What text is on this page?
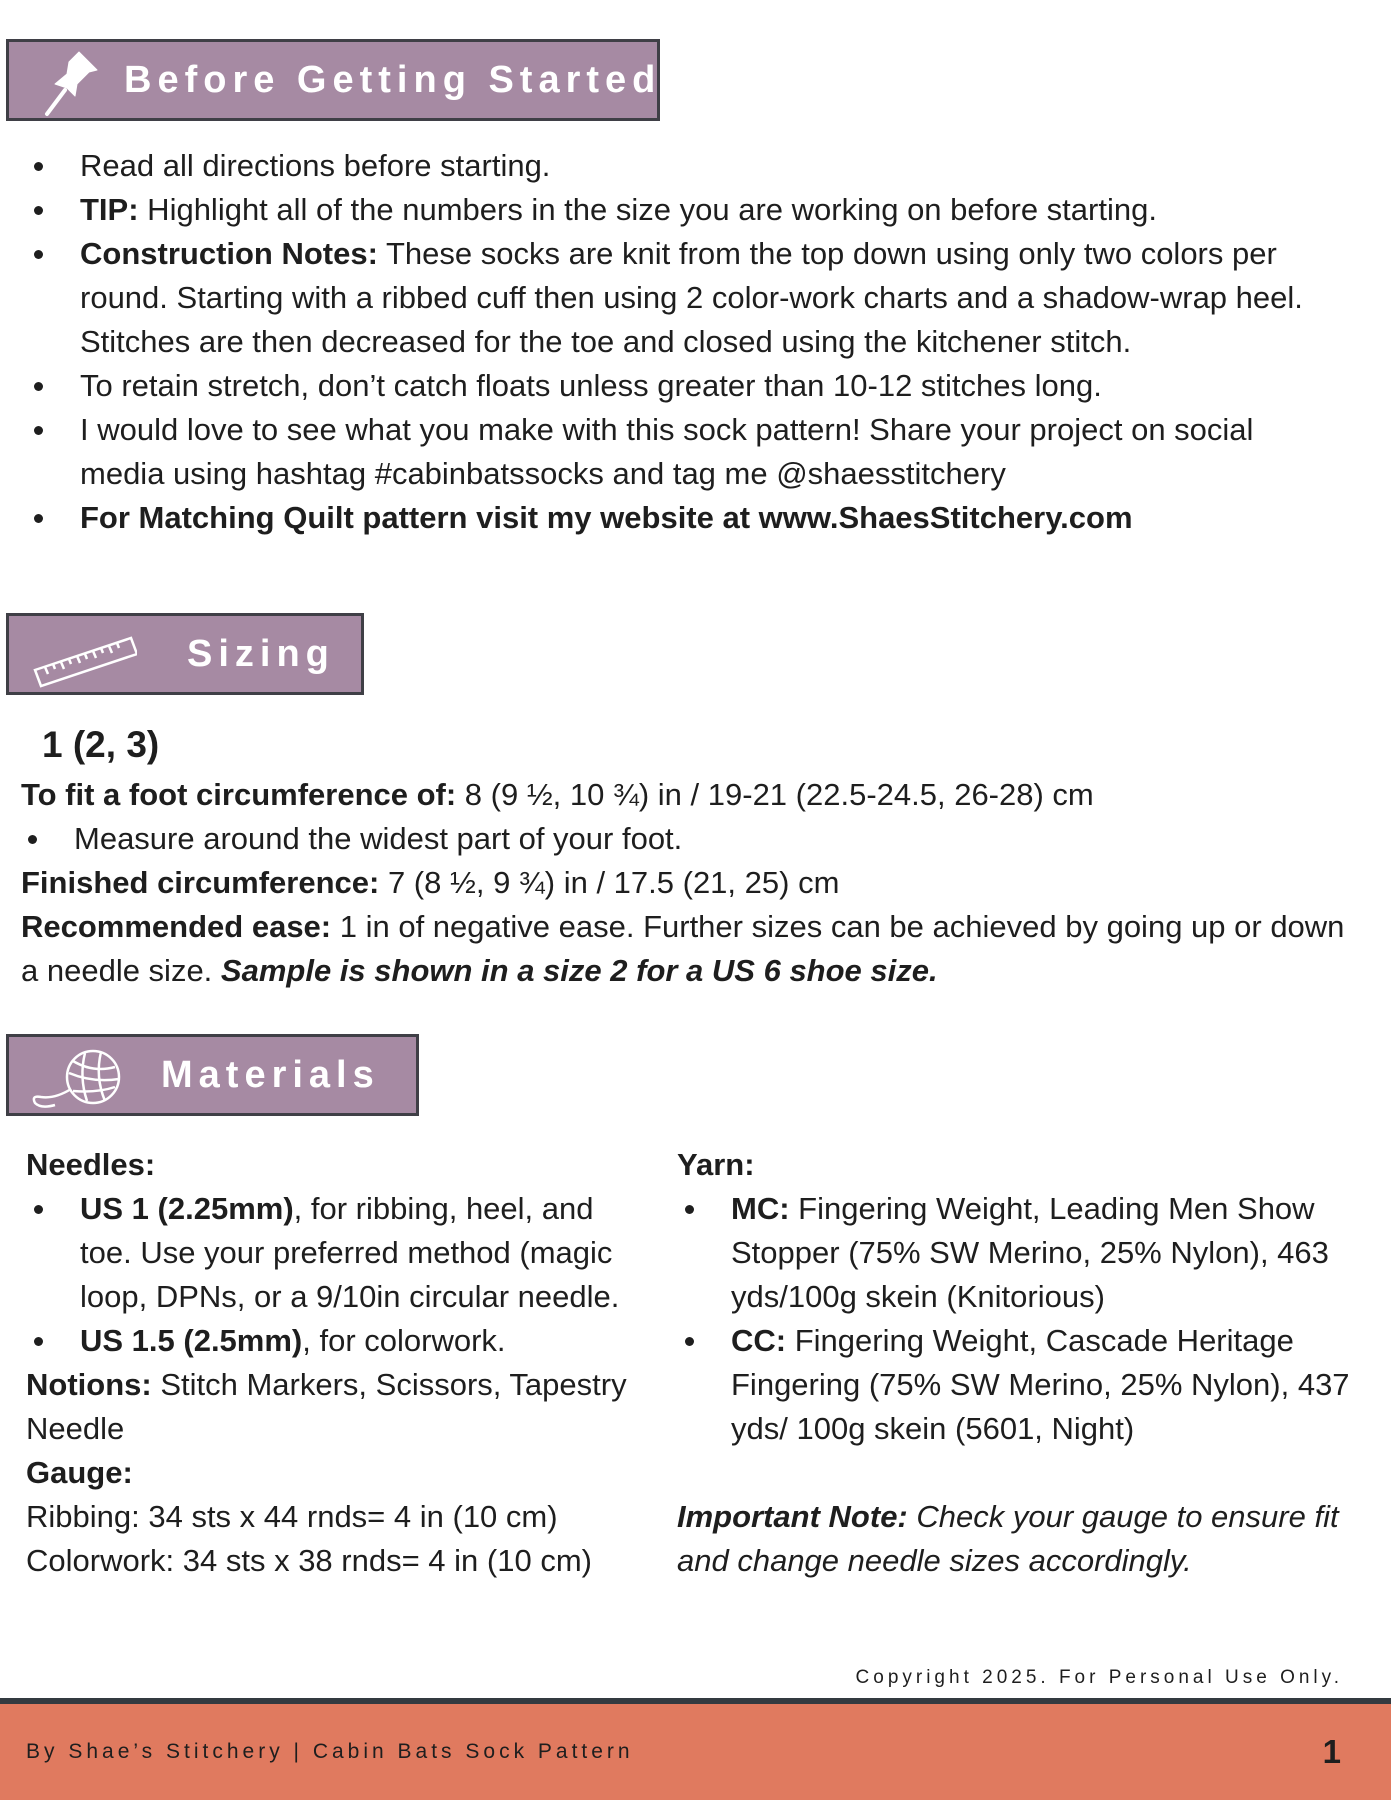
Before Getting Started
Read all directions before starting.
TIP: Highlight all of the numbers in the size you are working on before starting.
Construction Notes: These socks are knit from the top down using only two colors per round. Starting with a ribbed cuff then using 2 color-work charts and a shadow-wrap heel. Stitches are then decreased for the toe and closed using the kitchener stitch.
To retain stretch, don’t catch floats unless greater than 10-12 stitches long.
I would love to see what you make with this sock pattern! Share your project on social media using hashtag #cabinbatssocks and tag me @shaesstitchery
For Matching Quilt pattern visit my website at www.ShaesStitchery.com
Sizing
1 (2, 3)
To fit a foot circumference of: 8 (9 ½, 10 ¾) in / 19-21 (22.5-24.5, 26-28) cm
Measure around the widest part of your foot.
Finished circumference: 7 (8 ½, 9 ¾) in / 17.5 (21, 25) cm
Recommended ease: 1 in of negative ease. Further sizes can be achieved by going up or down a needle size. Sample is shown in a size 2 for a US 6 shoe size.
Materials
Needles:
US 1 (2.25mm), for ribbing, heel, and toe. Use your preferred method (magic loop, DPNs, or a 9/10in circular needle.
US 1.5 (2.5mm), for colorwork.
Notions: Stitch Markers, Scissors, Tapestry Needle
Gauge:
Ribbing: 34 sts x 44 rnds= 4 in (10 cm)
Colorwork: 34 sts x 38 rnds= 4 in (10 cm)
Yarn:
MC: Fingering Weight, Leading Men Show Stopper (75% SW Merino, 25% Nylon), 463 yds/100g skein (Knitorious)
CC: Fingering Weight, Cascade Heritage Fingering (75% SW Merino, 25% Nylon), 437 yds/ 100g skein (5601, Night)
Important Note: Check your gauge to ensure fit and change needle sizes accordingly.
Copyright 2025. For Personal Use Only.
By Shae’s Stitchery | Cabin Bats Sock Pattern	1
